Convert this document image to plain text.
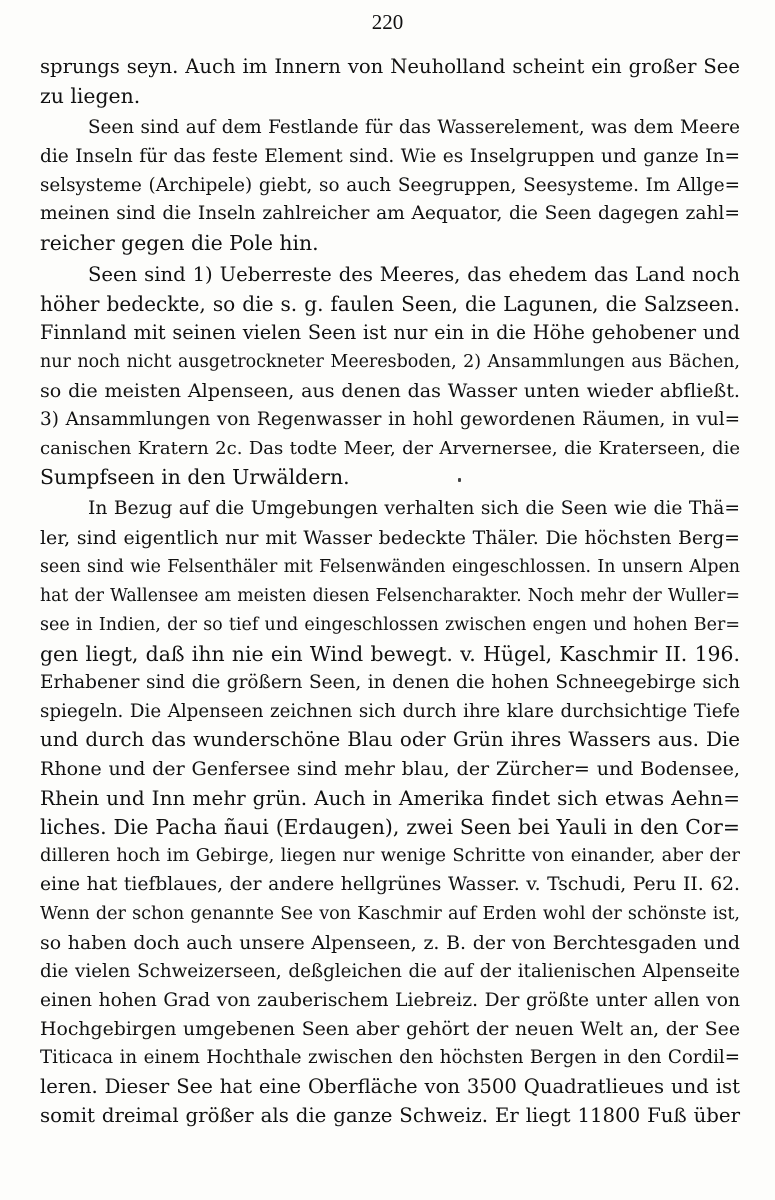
220
sprungs seyn. Auch im Innern von Neuholland scheint ein großer See
zu liegen.
Seen sind auf dem Festlande für das Wasserelement, was dem Meere
die Inseln für das feste Element sind. Wie es Inselgruppen und ganze In=
selsysteme (Archipele) giebt, so auch Seegruppen, Seesysteme. Im Allge=
meinen sind die Inseln zahlreicher am Aequator, die Seen dagegen zahl=
reicher gegen die Pole hin.
Seen sind 1) Ueberreste des Meeres, das ehedem das Land noch
höher bedeckte, so die s. g. faulen Seen, die Lagunen, die Salzseen.
Finnland mit seinen vielen Seen ist nur ein in die Höhe gehobener und
nur noch nicht ausgetrockneter Meeresboden, 2) Ansammlungen aus Bächen,
so die meisten Alpenseen, aus denen das Wasser unten wieder abfließt.
3) Ansammlungen von Regenwasser in hohl gewordenen Räumen, in vul=
canischen Kratern 2c. Das todte Meer, der Arvernersee, die Kraterseen, die
Sumpfseen in den Urwäldern.
In Bezug auf die Umgebungen verhalten sich die Seen wie die Thä=
ler, sind eigentlich nur mit Wasser bedeckte Thäler. Die höchsten Berg=
seen sind wie Felsenthäler mit Felsenwänden eingeschlossen. In unsern Alpen
hat der Wallensee am meisten diesen Felsencharakter. Noch mehr der Wuller=
see in Indien, der so tief und eingeschlossen zwischen engen und hohen Ber=
gen liegt, daß ihn nie ein Wind bewegt. v. Hügel, Kaschmir II. 196.
Erhabener sind die größern Seen, in denen die hohen Schneegebirge sich
spiegeln. Die Alpenseen zeichnen sich durch ihre klare durchsichtige Tiefe
und durch das wunderschöne Blau oder Grün ihres Wassers aus. Die
Rhone und der Genfersee sind mehr blau, der Zürcher= und Bodensee,
Rhein und Inn mehr grün. Auch in Amerika findet sich etwas Aehn=
liches. Die Pacha ñaui (Erdaugen), zwei Seen bei Yauli in den Cor=
dilleren hoch im Gebirge, liegen nur wenige Schritte von einander, aber der
eine hat tiefblaues, der andere hellgrünes Wasser. v. Tschudi, Peru II. 62.
Wenn der schon genannte See von Kaschmir auf Erden wohl der schönste ist,
so haben doch auch unsere Alpenseen, z. B. der von Berchtesgaden und
die vielen Schweizerseen, deßgleichen die auf der italienischen Alpenseite
einen hohen Grad von zauberischem Liebreiz. Der größte unter allen von
Hochgebirgen umgebenen Seen aber gehört der neuen Welt an, der See
Titicaca in einem Hochthale zwischen den höchsten Bergen in den Cordil=
leren. Dieser See hat eine Oberfläche von 3500 Quadratlieues und ist
somit dreimal größer als die ganze Schweiz. Er liegt 11800 Fuß über
